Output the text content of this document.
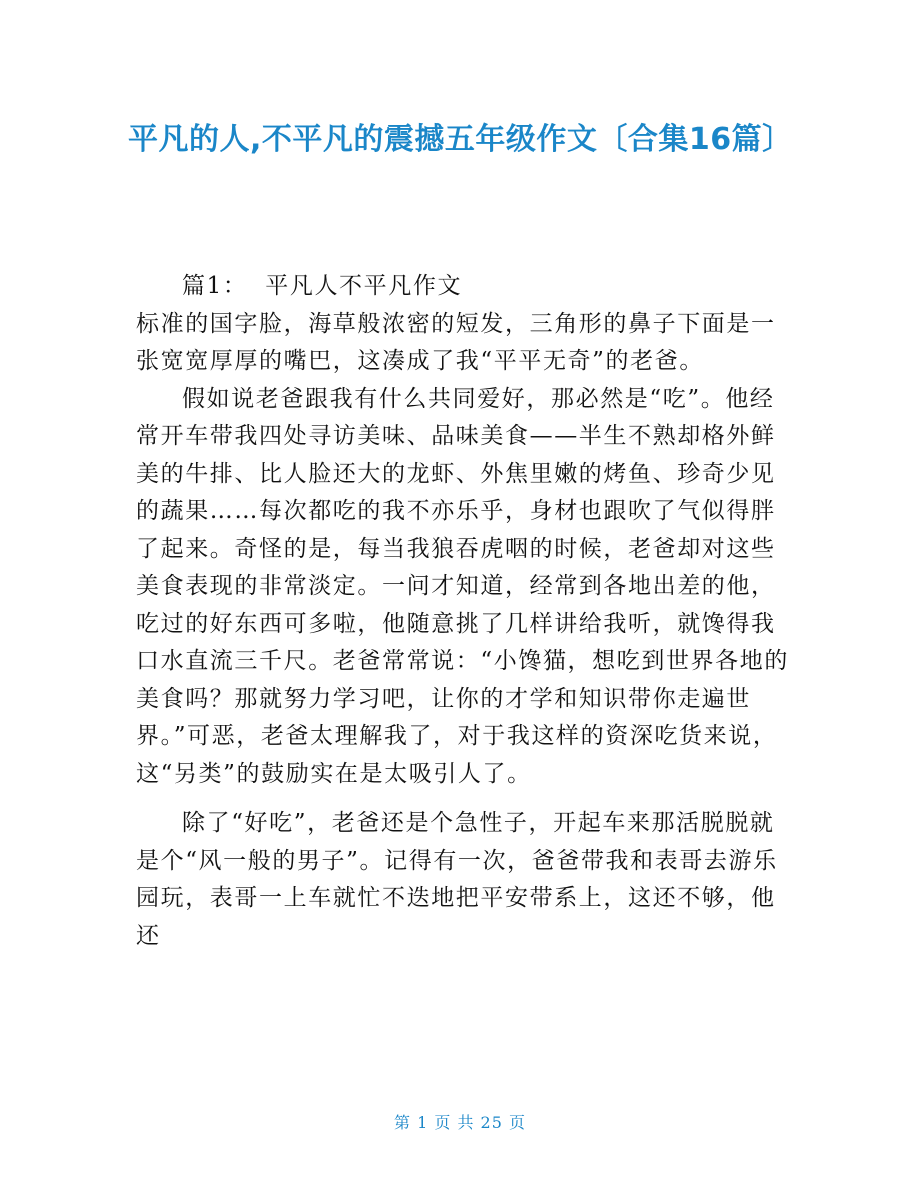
平凡的人,不平凡的震撼五年级作文〔合集16篇〕

篇1：  平凡人不平凡作文

标准的国字脸，海草般浓密的短发，三角形的鼻子下面是一张宽宽厚厚的嘴巴，这凑成了我“平平无奇”的老爸。

假如说老爸跟我有什么共同爱好，那必然是“吃”。他经常开车带我四处寻访美味、品味美食——半生不熟却格外鲜美的牛排、比人脸还大的龙虾、外焦里嫩的烤鱼、珍奇少见的蔬果……每次都吃的我不亦乐乎，身材也跟吹了气似得胖了起来。奇怪的是，每当我狼吞虎咽的时候，老爸却对这些美食表现的非常淡定。一问才知道，经常到各地出差的他，吃过的好东西可多啦，他随意挑了几样讲给我听，就馋得我口水直流三千尺。老爸常常说：“小馋猫，想吃到世界各地的美食吗？那就努力学习吧，让你的才学和知识带你走遍世界。”可恶，老爸太理解我了，对于我这样的资深吃货来说，这“另类”的鼓励实在是太吸引人了。

除了“好吃”，老爸还是个急性子，开起车来那活脱脱就是个“风一般的男子”。记得有一次，爸爸带我和表哥去游乐园玩，表哥一上车就忙不迭地把平安带系上，这还不够，他还

第 1 页 共 25 页
